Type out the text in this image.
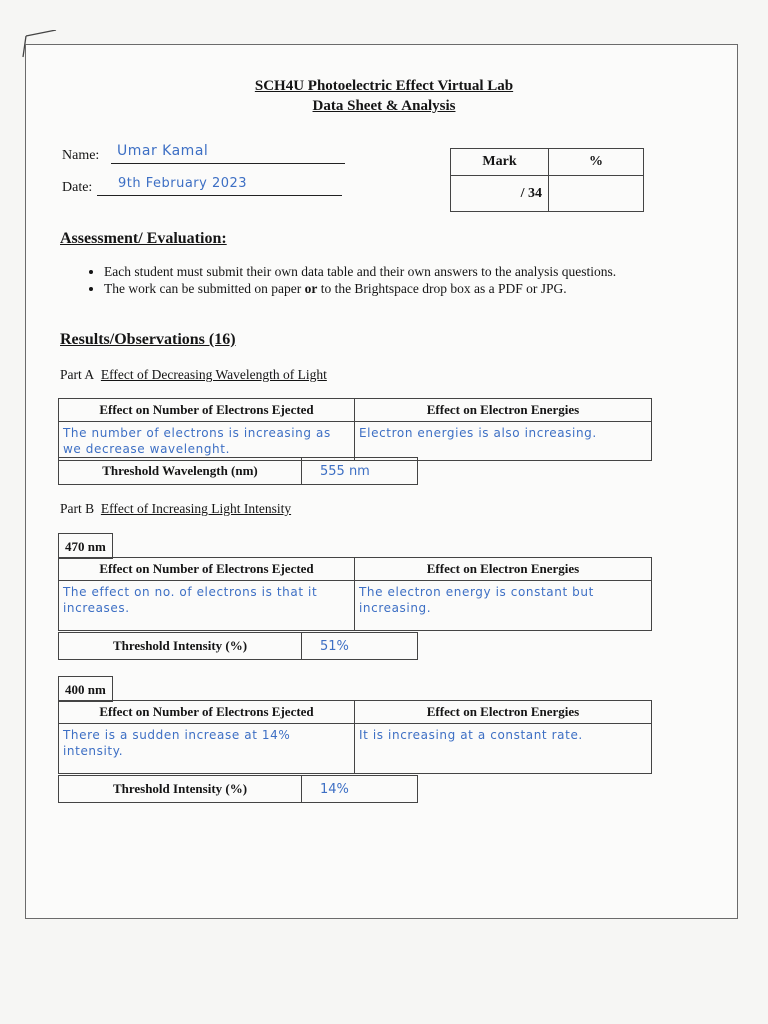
SCH4U Photoelectric Effect Virtual Lab
Data Sheet & Analysis
Name: Umar Kamal
Date: 9th February 2023
Mark	%
/ 34	
Assessment/ Evaluation:
• Each student must submit their own data table and their own answers to the analysis questions.
• The work can be submitted on paper or to the Brightspace drop box as a PDF or JPG.
Results/Observations (16)
Part A Effect of Decreasing Wavelength of Light
Effect on Number of Electrons Ejected	Effect on Electron Energies
The number of electrons is increasing as we decrease wavelenght.	Electron energies is also increasing.
Threshold Wavelength (nm)	555 nm
Part B Effect of Increasing Light Intensity
470 nm
Effect on Number of Electrons Ejected	Effect on Electron Energies
The effect on no. of electrons is that it increases.	The electron energy is constant but increasing.
Threshold Intensity (%)	51%
400 nm
Effect on Number of Electrons Ejected	Effect on Electron Energies
There is a sudden increase at 14% intensity.	It is increasing at a constant rate.
Threshold Intensity (%)	14%
